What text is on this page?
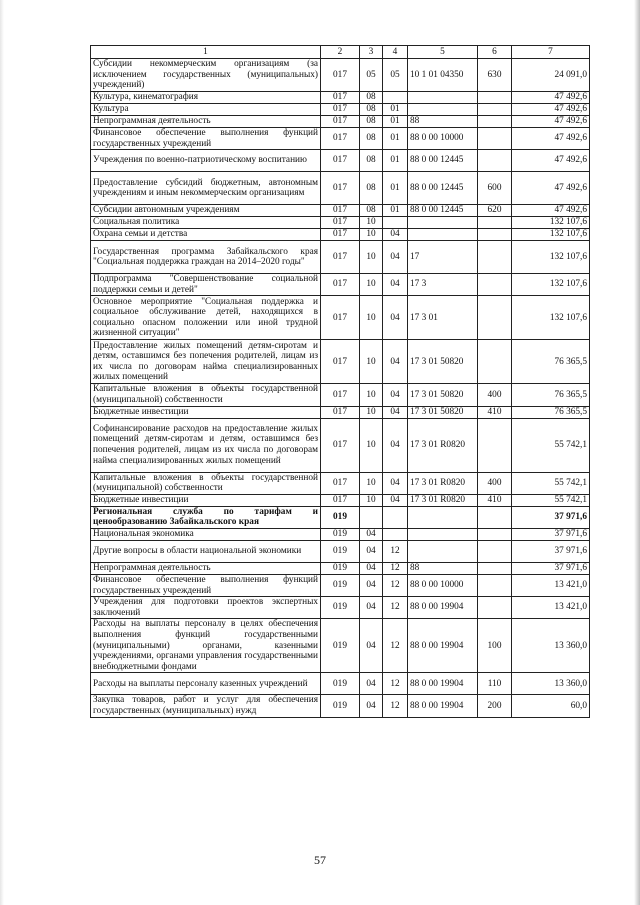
1	2	3	4	5	6	7
Субсидии некоммерческим организациям (за исключением государственных (муниципальных) учреждений)	017	05	05	10 1 01 04350	630	24 091,0
Культура, кинематография	017	08				47 492,6
Культура	017	08	01			47 492,6
Непрограммная деятельность	017	08	01	88		47 492,6
Финансовое обеспечение выполнения функций государственных учреждений	017	08	01	88 0 00 10000		47 492,6
Учреждения по военно-патриотическому воспитанию	017	08	01	88 0 00 12445		47 492,6
Предоставление субсидий бюджетным, автономным учреждениям и иным некоммерческим организациям	017	08	01	88 0 00 12445	600	47 492,6
Субсидии автономным учреждениям	017	08	01	88 0 00 12445	620	47 492,6
Социальная политика	017	10				132 107,6
Охрана семьи и детства	017	10	04			132 107,6
Государственная программа Забайкальского края "Социальная поддержка граждан на 2014–2020 годы"	017	10	04	17		132 107,6
Подпрограмма "Совершенствование социальной поддержки семьи и детей"	017	10	04	17 3		132 107,6
Основное мероприятие "Социальная поддержка и социальное обслуживание детей, находящихся в социально опасном положении или иной трудной жизненной ситуации"	017	10	04	17 3 01		132 107,6
Предоставление жилых помещений детям-сиротам и детям, оставшимся без попечения родителей, лицам из их числа по договорам найма специализированных жилых помещений	017	10	04	17 3 01 50820		76 365,5
Капитальные вложения в объекты государственной (муниципальной) собственности	017	10	04	17 3 01 50820	400	76 365,5
Бюджетные инвестиции	017	10	04	17 3 01 50820	410	76 365,5
Софинансирование расходов на предоставление жилых помещений детям-сиротам и детям, оставшимся без попечения родителей, лицам из их числа по договорам найма специализированных жилых помещений	017	10	04	17 3 01 R0820		55 742,1
Капитальные вложения в объекты государственной (муниципальной) собственности	017	10	04	17 3 01 R0820	400	55 742,1
Бюджетные инвестиции	017	10	04	17 3 01 R0820	410	55 742,1
Региональная служба по тарифам и ценообразованию Забайкальского края	019					37 971,6
Национальная экономика	019	04				37 971,6
Другие вопросы в области национальной экономики	019	04	12			37 971,6
Непрограммная деятельность	019	04	12	88		37 971,6
Финансовое обеспечение выполнения функций государственных учреждений	019	04	12	88 0 00 10000		13 421,0
Учреждения для подготовки проектов экспертных заключений	019	04	12	88 0 00 19904		13 421,0
Расходы на выплаты персоналу в целях обеспечения выполнения функций государственными (муниципальными) органами, казенными учреждениями, органами управления государственными внебюджетными фондами	019	04	12	88 0 00 19904	100	13 360,0
Расходы на выплаты персоналу казенных учреждений	019	04	12	88 0 00 19904	110	13 360,0
Закупка товаров, работ и услуг для обеспечения государственных (муниципальных) нужд	019	04	12	88 0 00 19904	200	60,0
57
